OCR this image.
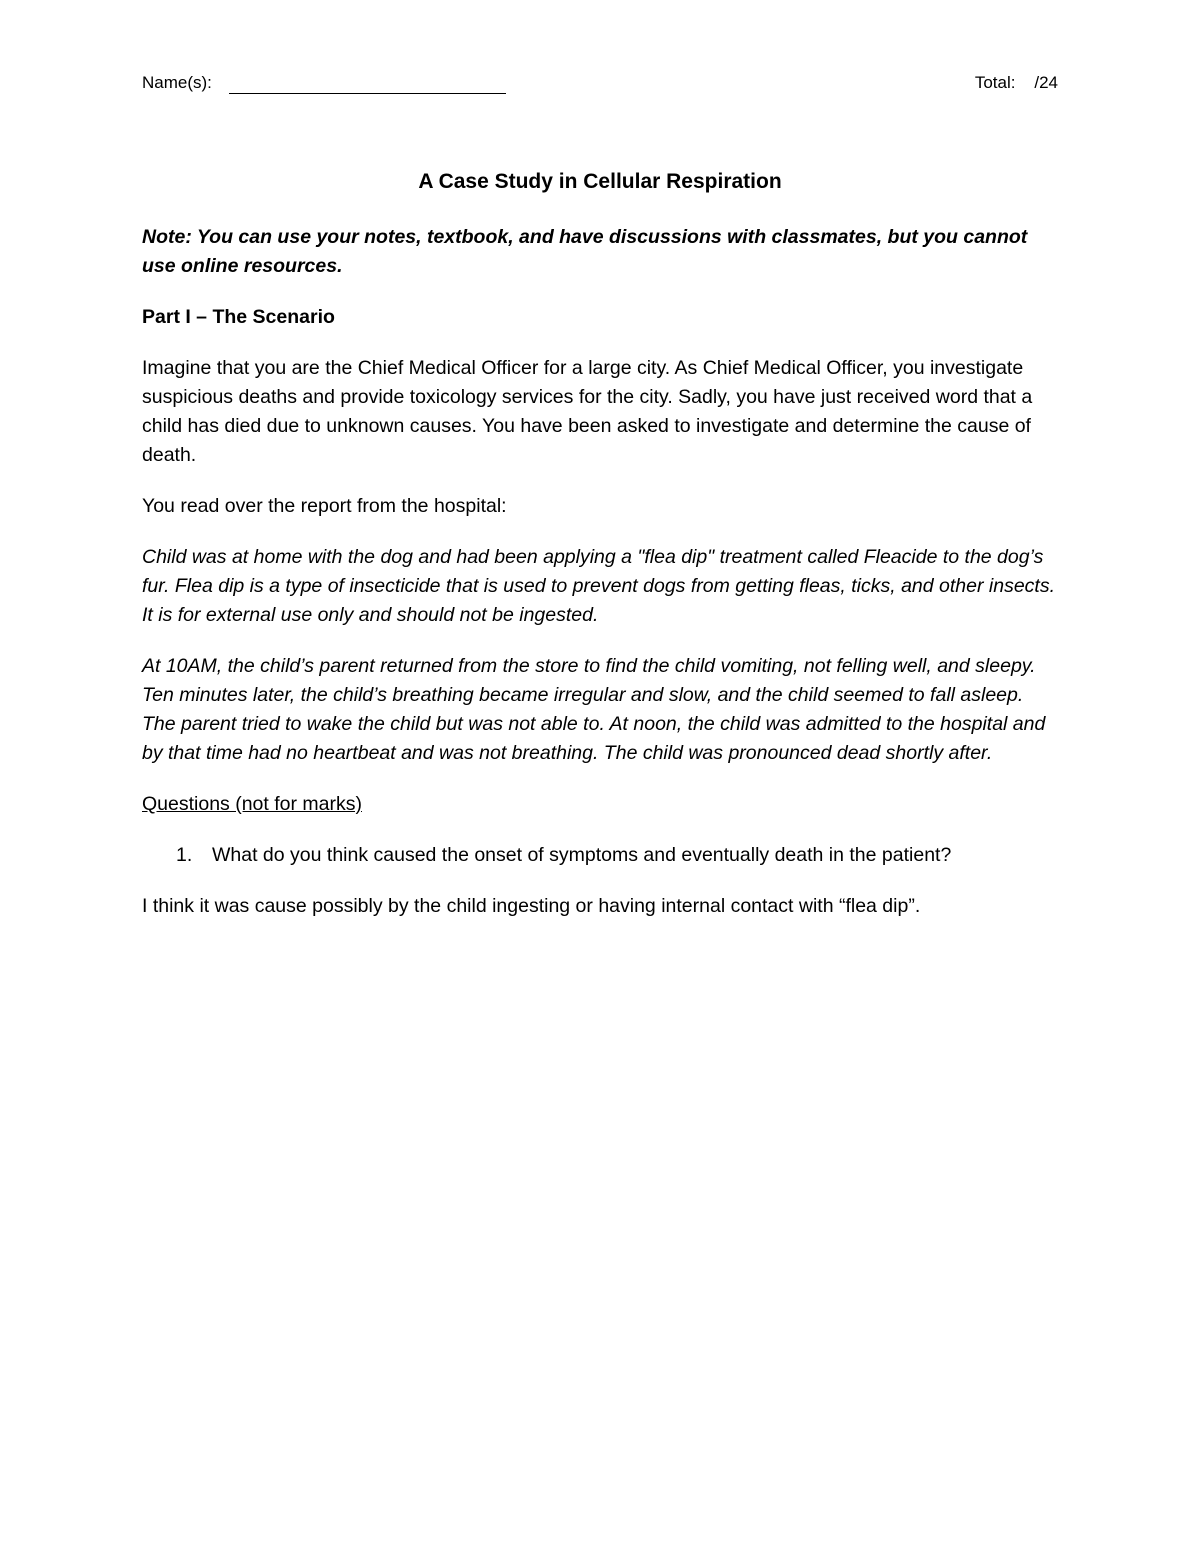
Name(s):	Total:    /24
A Case Study in Cellular Respiration

Note: You can use your notes, textbook, and have discussions with classmates, but you cannot use online resources.

Part I – The Scenario

Imagine that you are the Chief Medical Officer for a large city. As Chief Medical Officer, you investigate suspicious deaths and provide toxicology services for the city. Sadly, you have just received word that a child has died due to unknown causes. You have been asked to investigate and determine the cause of death.

You read over the report from the hospital:

Child was at home with the dog and had been applying a "flea dip" treatment called Fleacide to the dog’s fur. Flea dip is a type of insecticide that is used to prevent dogs from getting fleas, ticks, and other insects. It is for external use only and should not be ingested.

At 10AM, the child’s parent returned from the store to find the child vomiting, not felling well, and sleepy. Ten minutes later, the child’s breathing became irregular and slow, and the child seemed to fall asleep. The parent tried to wake the child but was not able to. At noon, the child was admitted to the hospital and by that time had no heartbeat and was not breathing. The child was pronounced dead shortly after.

Questions (not for marks)

1. What do you think caused the onset of symptoms and eventually death in the patient?

I think it was cause possibly by the child ingesting or having internal contact with “flea dip”.
